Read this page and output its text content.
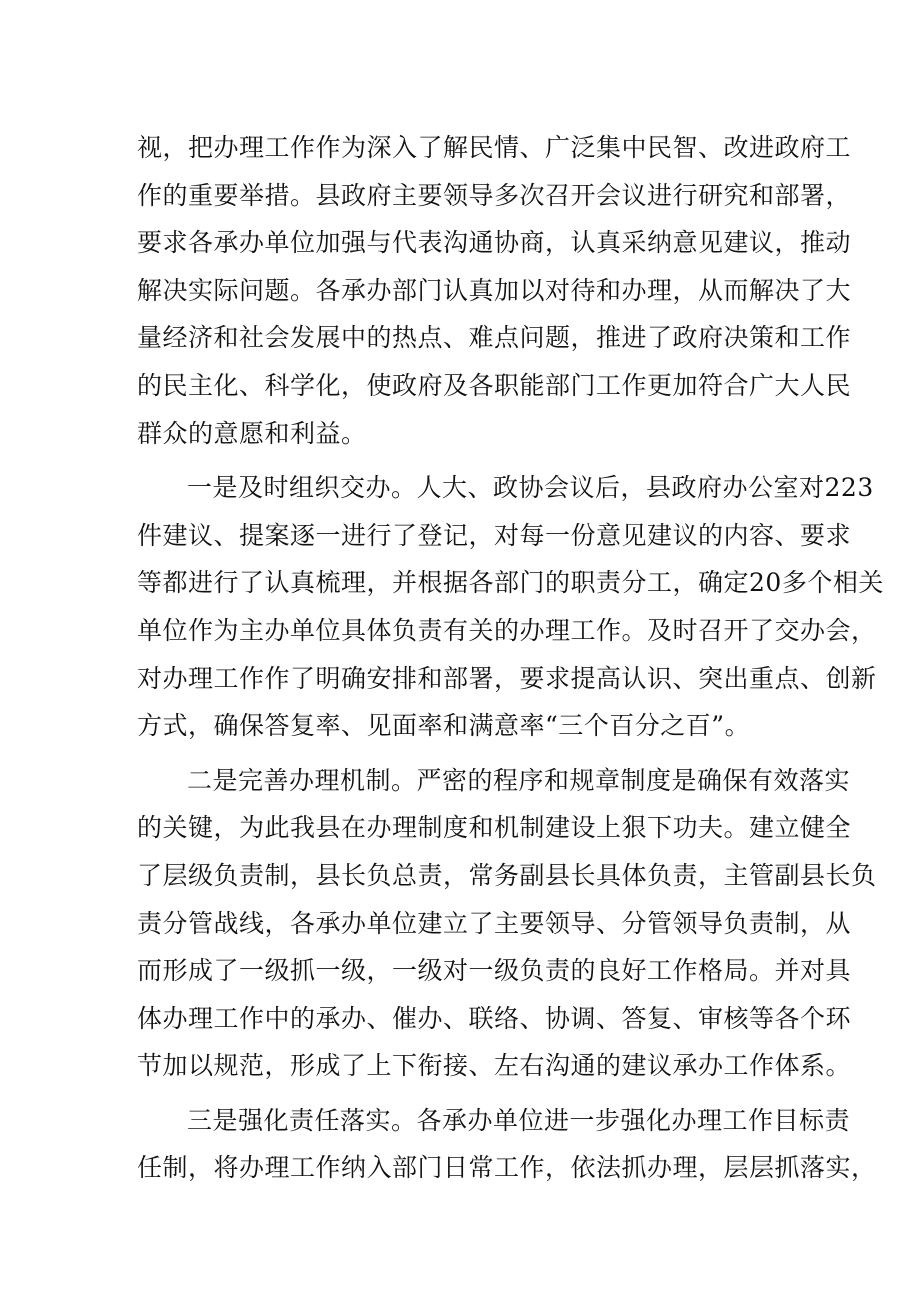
视，把办理工作作为深入了解民情、广泛集中民智、改进政府工
作的重要举措。县政府主要领导多次召开会议进行研究和部署，
要求各承办单位加强与代表沟通协商，认真采纳意见建议，推动
解决实际问题。各承办部门认真加以对待和办理，从而解决了大
量经济和社会发展中的热点、难点问题，推进了政府决策和工作
的民主化、科学化，使政府及各职能部门工作更加符合广大人民
群众的意愿和利益。
一是及时组织交办。人大、政协会议后，县政府办公室对223
件建议、提案逐一进行了登记，对每一份意见建议的内容、要求
等都进行了认真梳理，并根据各部门的职责分工，确定20多个相关
单位作为主办单位具体负责有关的办理工作。及时召开了交办会，
对办理工作作了明确安排和部署，要求提高认识、突出重点、创新
方式，确保答复率、见面率和满意率“三个百分之百”。
二是完善办理机制。严密的程序和规章制度是确保有效落实
的关键，为此我县在办理制度和机制建设上狠下功夫。建立健全
了层级负责制，县长负总责，常务副县长具体负责，主管副县长负
责分管战线，各承办单位建立了主要领导、分管领导负责制，从
而形成了一级抓一级，一级对一级负责的良好工作格局。并对具
体办理工作中的承办、催办、联络、协调、答复、审核等各个环
节加以规范，形成了上下衔接、左右沟通的建议承办工作体系。
三是强化责任落实。各承办单位进一步强化办理工作目标责
任制，将办理工作纳入部门日常工作，依法抓办理，层层抓落实，
